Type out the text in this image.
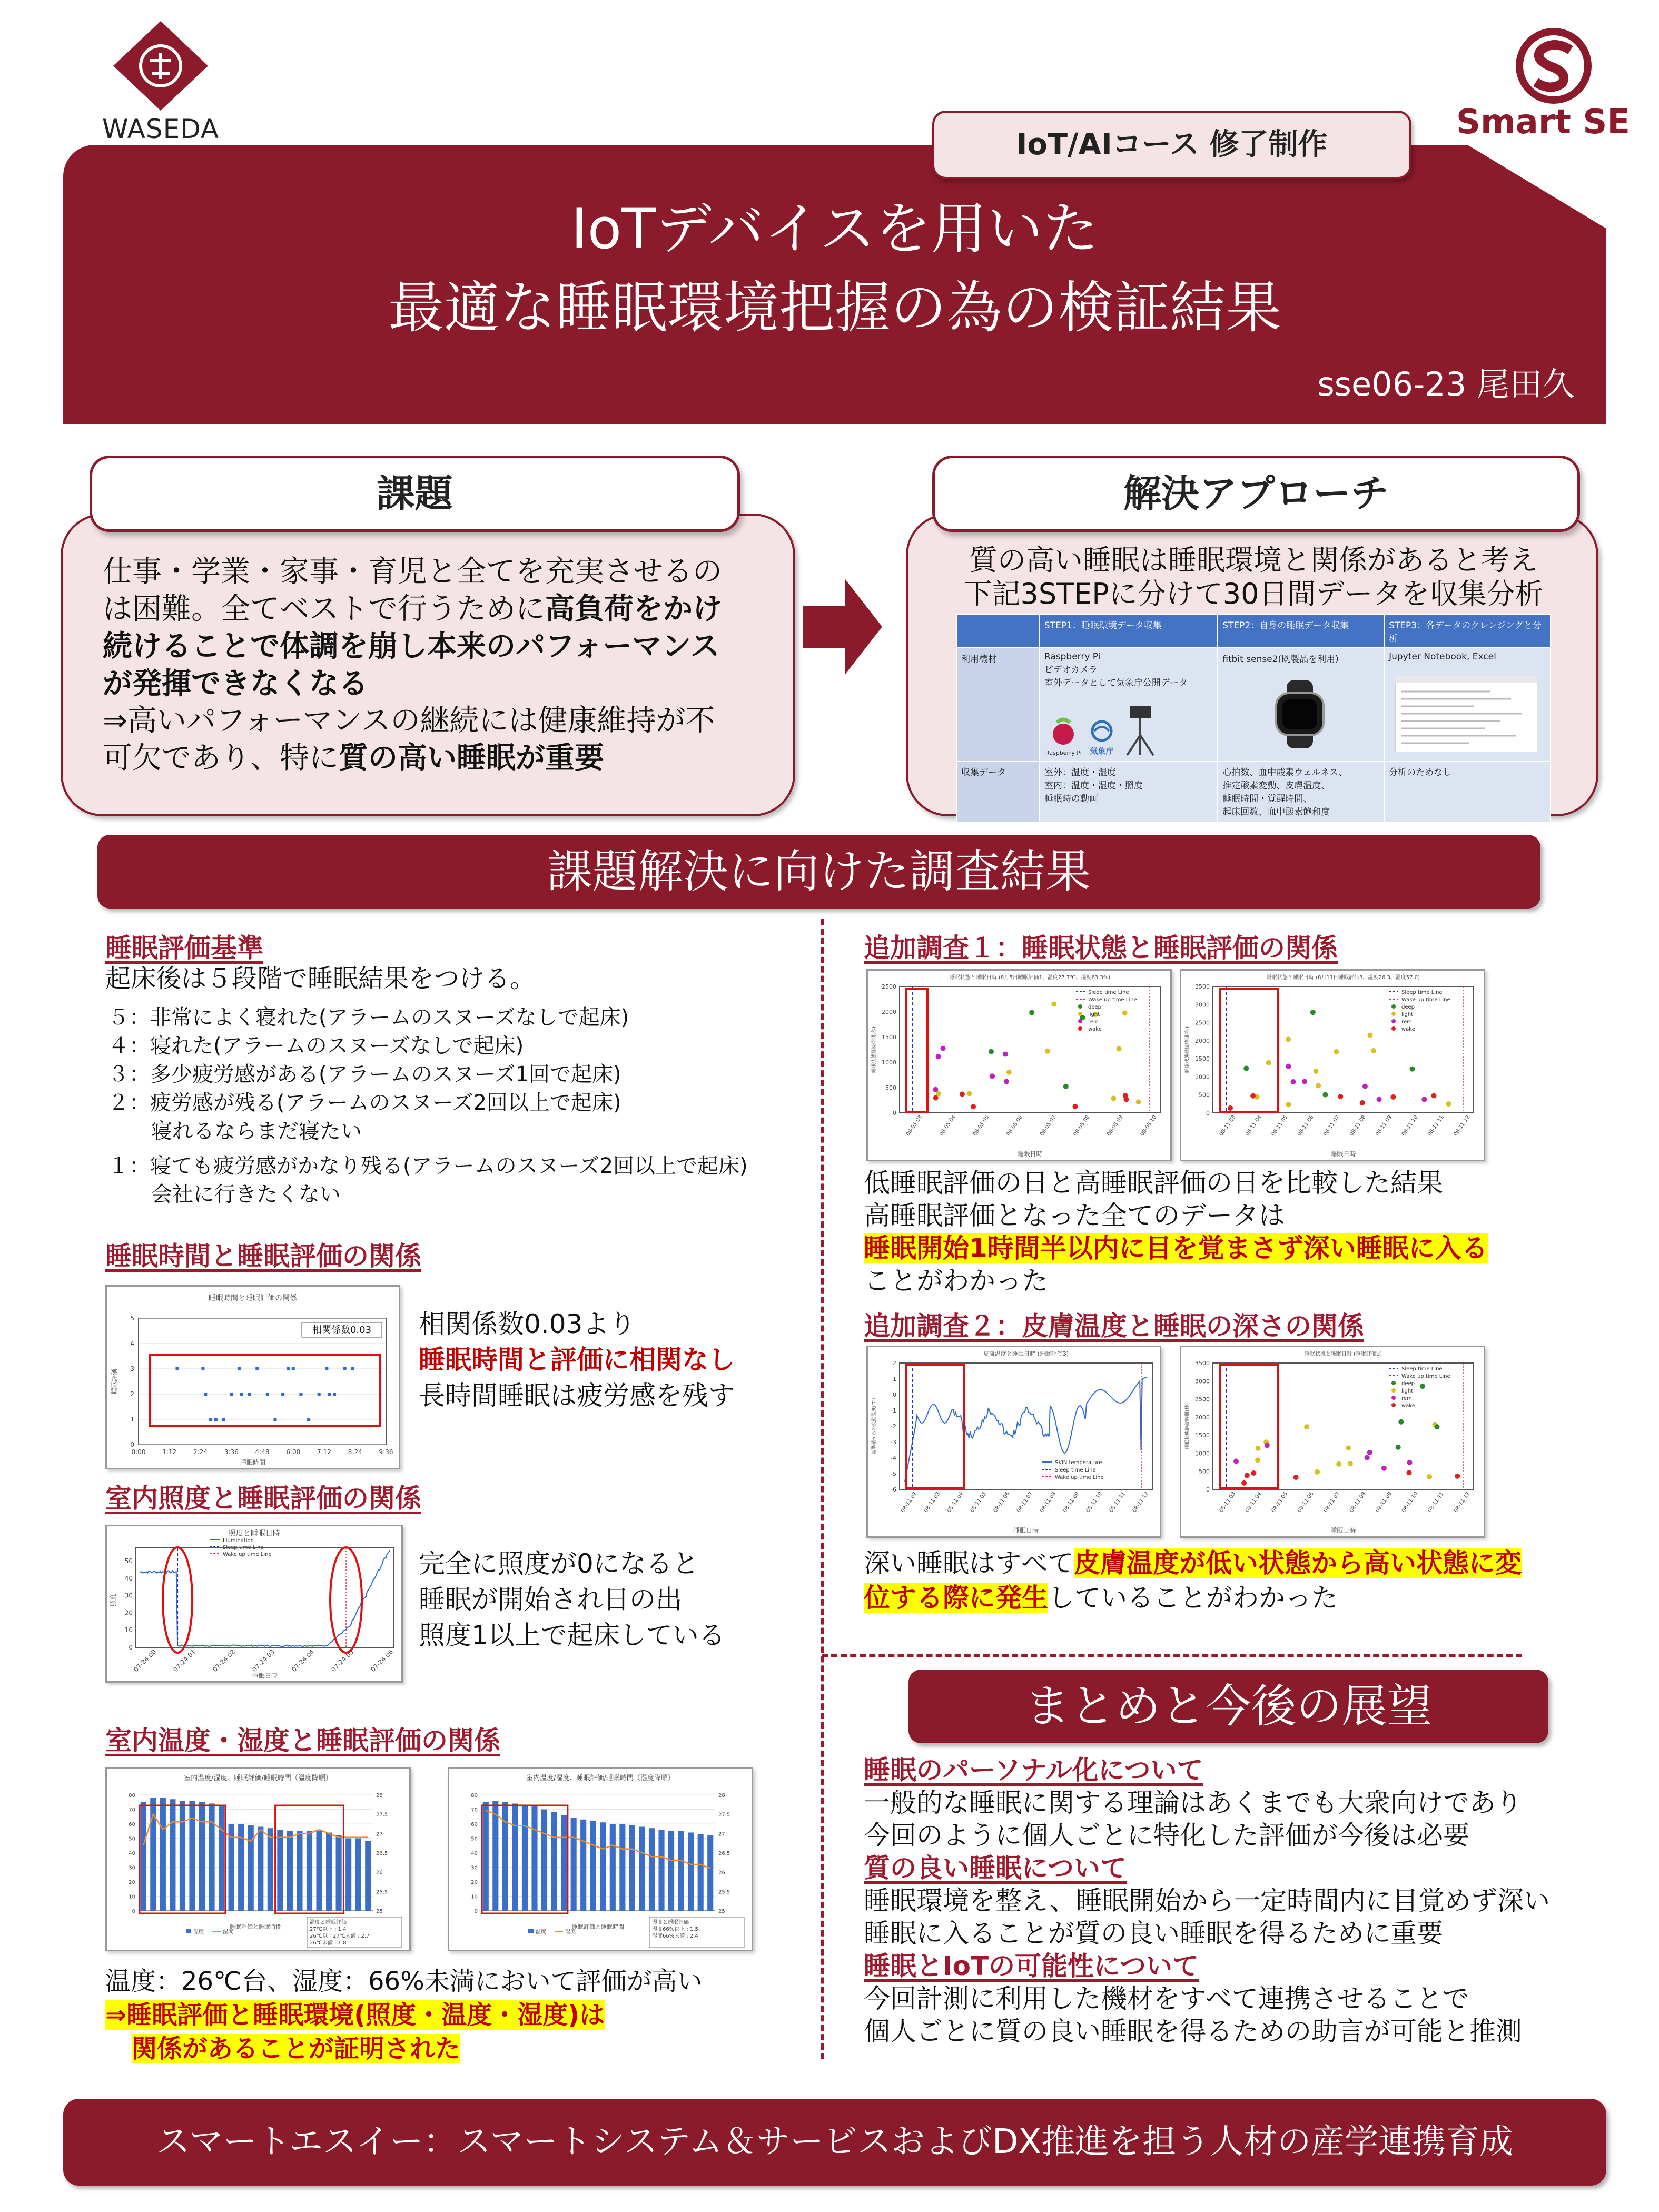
WASEDA	Smart SE
IoT/AIコース 修了制作
IoTデバイスを用いた
最適な睡眠環境把握の為の検証結果
sse06-23 尾田久
課題
仕事・学業・家事・育児と全てを充実させるのは困難。全てベストで行うために高負荷をかけ続けることで体調を崩し本来のパフォーマンスが発揮できなくなる
⇒高いパフォーマンスの継続には健康維持が不可欠であり、特に質の高い睡眠が重要
解決アプローチ
質の高い睡眠は睡眠環境と関係があると考え
下記3STEPに分けて30日間データを収集分析
	STEP1：睡眠環境データ収集	STEP2：自身の睡眠データ収集	STEP3：各データのクレンジングと分析
利用機材	Raspberry Pi
ビデオカメラ
室外データとして気象庁公開データ
Raspberry Pi 気象庁	fitbit sense2(既製品を利用)	Jupyter Notebook, Excel

収集データ	室外：温度・湿度
室内：温度・湿度・照度
睡眠時の動画	心拍数、血中酸素ウェルネス、
推定酸素変動、皮膚温度、
睡眠時間・覚醒時間、
起床回数、血中酸素飽和度	分析のためなし
課題解決に向けた調査結果
睡眠評価基準
起床後は５段階で睡眠結果をつける。
５：非常によく寝れた(アラームのスヌーズなしで起床)
４：寝れた(アラームのスヌーズなしで起床)
３：多少疲労感がある(アラームのスヌーズ1回で起床)
２：疲労感が残る(アラームのスヌーズ2回以上で起床)
寝れるならまだ寝たい
１：寝ても疲労感がかなり残る(アラームのスヌーズ2回以上で起床)
会社に行きたくない
睡眠時間と睡眠評価の関係
睡眠時間と睡眠評価の関係
0
1
2
3
4
5
0:00	1:12	2:24	3:36	4:48	6:00	7:12	8:24	9:36
睡眠時間
睡眠評価
相関係数0.03 相関係数0.03より
睡眠時間と評価に相関なし
長時間睡眠は疲労感を残す
室内照度と睡眠評価の関係
照度と睡眠日時
0
10
20
30
40
50
07-24 00 07-24 01 07-24 02 07-24 03 07-24 04 07-24 05 07-24 06
睡眠日時
照度
Illumination
Sleep time Line
Wake up time Line	完全に照度が0になると
睡眠が開始され日の出
照度1以上で起床している
室内温度・湿度と睡眠評価の関係
室内温度/湿度、睡眠評価/睡眠時間（温度降順）
0
10
20
30
40
50
60
70
80
25
25.5
26
26.5
27
27.5
28
睡眠評価と睡眠時間
温度	湿度
温度と睡眠評価
27℃以上 : 1.4
26℃以上27℃未満 : 2.7
26℃未満 : 1.8
室内温度/湿度、睡眠評価/睡眠時間（湿度降順）
0
10
20
30
40
50
60
70
80
25
25.5
26
26.5
27
27.5
28
睡眠評価と睡眠時間
温度	湿度
湿度と睡眠評価
湿度66%以上 : 1.5
湿度66%未満 : 2.4
温度：26℃台、湿度：66%未満において評価が高い
⇒睡眠評価と睡眠環境(照度・温度・湿度)は
関係があることが証明された
追加調査１：睡眠状態と睡眠評価の関係
睡眠状態と睡眠日時 (8月5日睡眠評価1、温度27.7℃、湿度63.3%)
0
500
1000
1500
2000
2500
08-05 03	08-05 04	08-05 05	08-05 06	08-05 07	08-05 08	08-05 09	08-05 10
睡眠日時
睡眠状態継続時間(秒)
Sleep time Line
Wake up time Line
deep
light
rem
wake
睡眠状態と睡眠日時 (8月11日睡眠評価3、温度26.3、湿度57.0)
0
500
1000
1500
2000
2500
3000
3500
08-11 03 08-11 04 08-11 05 08-11 06 08-11 07 08-11 08 08-11 09 08-11 10 08-11 11 08-11 12
睡眠日時
睡眠状態継続時間(秒)
Sleep time Line
Wake up time Line
deep
light
rem
wake
低睡眠評価の日と高睡眠評価の日を比較した結果
高睡眠評価となった全てのデータは
睡眠開始1時間半以内に目を覚まさず深い睡眠に入る
ことがわかった
追加調査２：皮膚温度と睡眠の深さの関係
皮膚温度と睡眠日時 (睡眠評価3)
-6
-5
-4
-3
-2
-1
0
1
2
08-11 02 08-11 03 08-11 04 08-11 05 08-11 06 08-11 07 08-11 08 08-11 09 08-11 10 08-11 11 08-11 12
睡眠日時
基準値からの変動温度(℃)
SKIN temperature
Sleep time Line
Wake up time Line
睡眠状態と睡眠日時 (睡眠評価3)
0
500
1000
1500
2000
2500
3000
3500
08-11 03 08-11 04 08-11 05 08-11 06 08-11 07 08-11 08 08-11 09 08-11 10 08-11 11 08-11 12
睡眠日時
睡眠状態継続時間(秒)
Sleep time Line
Wake up time Line
deep
light
rem
wake
深い睡眠はすべて皮膚温度が低い状態から高い状態に変
位する際に発生していることがわかった
まとめと今後の展望
睡眠のパーソナル化について
一般的な睡眠に関する理論はあくまでも大衆向けであり
今回のように個人ごとに特化した評価が今後は必要
質の良い睡眠について
睡眠環境を整え、睡眠開始から一定時間内に目覚めず深い
睡眠に入ることが質の良い睡眠を得るために重要
睡眠とIoTの可能性について
今回計測に利用した機材をすべて連携させることで
個人ごとに質の良い睡眠を得るための助言が可能と推測
スマートエスイー：スマートシステム＆サービスおよびDX推進を担う人材の産学連携育成
